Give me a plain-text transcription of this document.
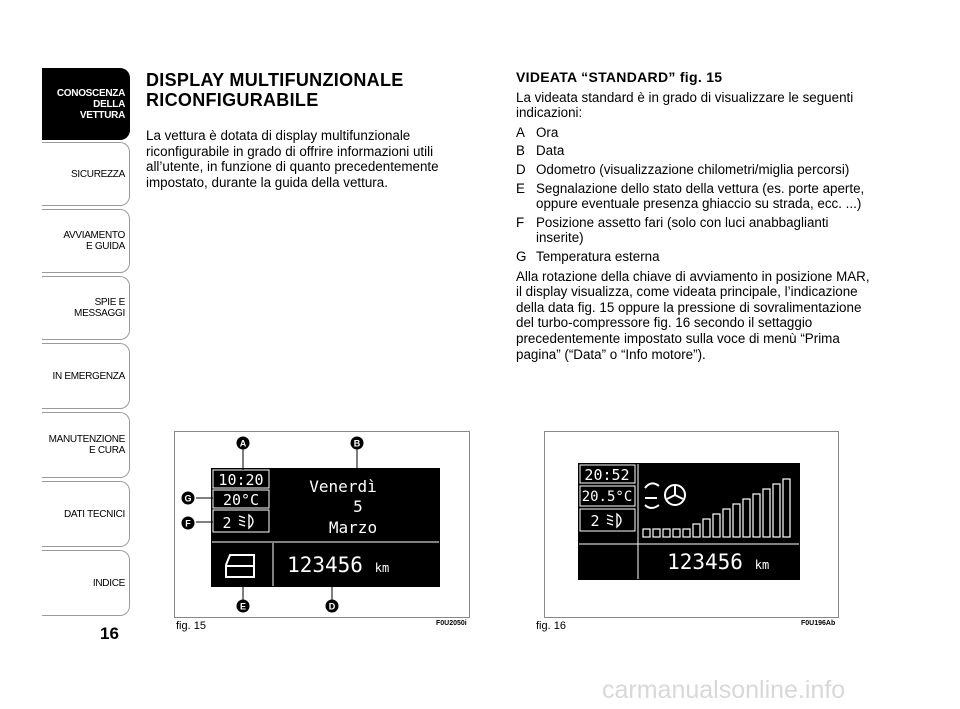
CONOSCENZA
DELLA
VETTURA
SICUREZZA
AVVIAMENTO
E GUIDA
SPIE E
MESSAGGI
IN EMERGENZA
MANUTENZIONE
E CURA
DATI TECNICI
INDICE
16
DISPLAY MULTIFUNZIONALE
RICONFIGURABILE
La vettura è dotata di display multifunzionale riconfigurabile in grado di offrire informazioni utili all’utente, in funzione di quanto precedentemente impostato, durante la guida della vettura.
VIDEATA “STANDARD” fig. 15

La videata standard è in grado di visualizzare le seguenti indicazioni:

A Ora
B Data
D Odometro (visualizzazione chilometri/miglia percorsi)
E Segnalazione dello stato della vettura (es. porte aperte, oppure eventuale presenza ghiaccio su strada, ecc. ...)
F Posizione assetto fari (solo con luci anabbaglianti inserite)
G Temperatura esterna

Alla rotazione della chiave di avviamento in posizione MAR, il display visualizza, come videata principale, l’indicazione della data fig. 15 oppure la pressione di sovralimentazione del turbo-compressore fig. 16 secondo il settaggio precedentemente impostato sulla voce di menù “Prima pagina” (“Data” o “Info motore”).

10:20
20°C
2
Venerdì
5
Marzo
123456 km
A	B
G
F
E	D
fig. 15	F0U2050i
20:52
20.5°C
2
123456 km
fig. 16	F0U196Ab
carmanualsonline.info
